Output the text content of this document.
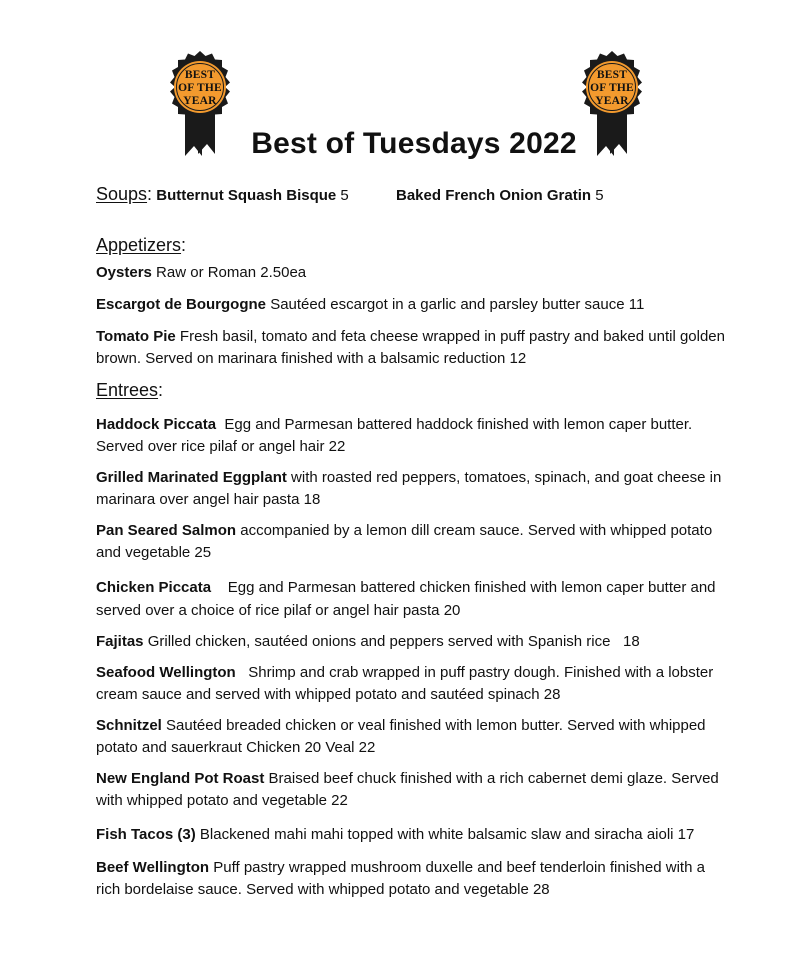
BEST
OF THE
YEAR
BEST
OF THE
YEAR
Best of Tuesdays 2022
Soups: Butternut Squash Bisque 5	Baked French Onion Gratin 5
Appetizers:

Oysters Raw or Roman 2.50ea

Escargot de Bourgogne Sautéed escargot in a garlic and parsley butter sauce 11

Tomato Pie Fresh basil, tomato and feta cheese wrapped in puff pastry and baked until golden brown. Served on marinara finished with a balsamic reduction 12

Entrees:

Haddock Piccata Egg and Parmesan battered haddock finished with lemon caper butter. Served over rice pilaf or angel hair 22

Grilled Marinated Eggplant with roasted red peppers, tomatoes, spinach, and goat cheese in marinara over angel hair pasta 18

Pan Seared Salmon accompanied by a lemon dill cream sauce. Served with whipped potato and vegetable 25

Chicken Piccata Egg and Parmesan battered chicken finished with lemon caper butter and served over a choice of rice pilaf or angel hair pasta 20

Fajitas Grilled chicken, sautéed onions and peppers served with Spanish rice   18

Seafood Wellington Shrimp and crab wrapped in puff pastry dough. Finished with a lobster cream sauce and served with whipped potato and sautéed spinach 28

Schnitzel Sautéed breaded chicken or veal finished with lemon butter. Served with whipped potato and sauerkraut Chicken 20 Veal 22

New England Pot Roast Braised beef chuck finished with a rich cabernet demi glaze. Served with whipped potato and vegetable 22

Fish Tacos (3) Blackened mahi mahi topped with white balsamic slaw and siracha aioli 17

Beef Wellington Puff pastry wrapped mushroom duxelle and beef tenderloin finished with a rich bordelaise sauce. Served with whipped potato and vegetable 28
